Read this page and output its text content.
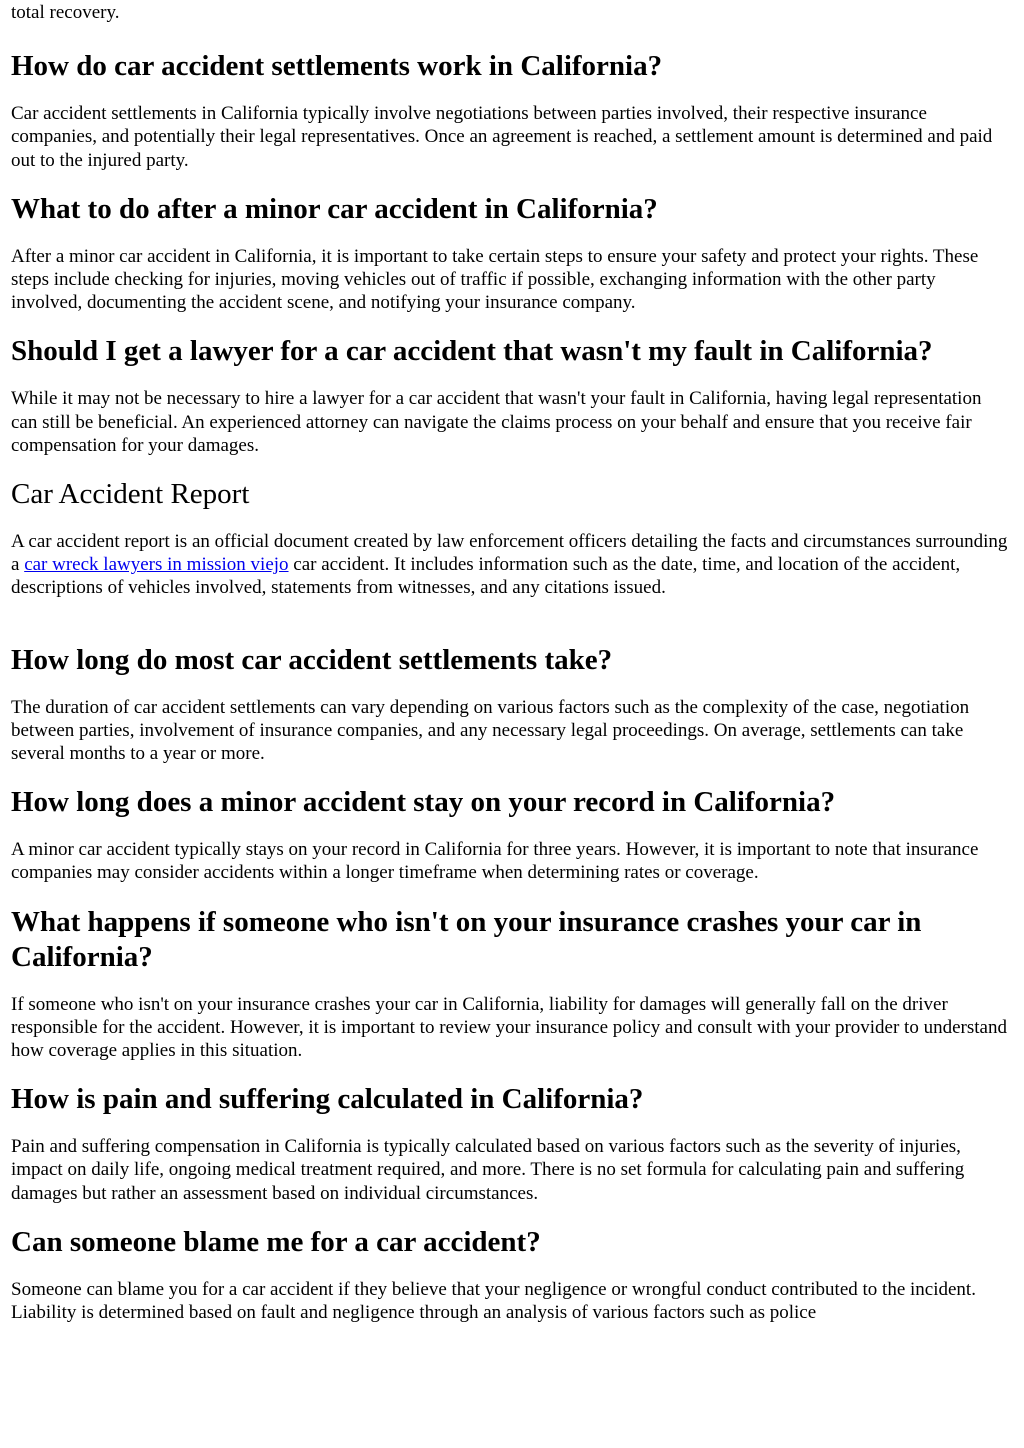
total recovery.

How do car accident settlements work in California?

Car accident settlements in California typically involve negotiations between parties involved, their respective insurance companies, and potentially their legal representatives. Once an agreement is reached, a settlement amount is determined and paid out to the injured party.

What to do after a minor car accident in California?

After a minor car accident in California, it is important to take certain steps to ensure your safety and protect your rights. These steps include checking for injuries, moving vehicles out of traffic if possible, exchanging information with the other party involved, documenting the accident scene, and notifying your insurance company.

Should I get a lawyer for a car accident that wasn't my fault in California?

While it may not be necessary to hire a lawyer for a car accident that wasn't your fault in California, having legal representation can still be beneficial. An experienced attorney can navigate the claims process on your behalf and ensure that you receive fair compensation for your damages.

Car Accident Report

A car accident report is an official document created by law enforcement officers detailing the facts and circumstances surrounding a car wreck lawyers in mission viejo car accident. It includes information such as the date, time, and location of the accident, descriptions of vehicles involved, statements from witnesses, and any citations issued.

How long do most car accident settlements take?

The duration of car accident settlements can vary depending on various factors such as the complexity of the case, negotiation between parties, involvement of insurance companies, and any necessary legal proceedings. On average, settlements can take several months to a year or more.

How long does a minor accident stay on your record in California?

A minor car accident typically stays on your record in California for three years. However, it is important to note that insurance companies may consider accidents within a longer timeframe when determining rates or coverage.

What happens if someone who isn't on your insurance crashes your car in California?

If someone who isn't on your insurance crashes your car in California, liability for damages will generally fall on the driver responsible for the accident. However, it is important to review your insurance policy and consult with your provider to understand how coverage applies in this situation.

How is pain and suffering calculated in California?

Pain and suffering compensation in California is typically calculated based on various factors such as the severity of injuries, impact on daily life, ongoing medical treatment required, and more. There is no set formula for calculating pain and suffering damages but rather an assessment based on individual circumstances.

Can someone blame me for a car accident?

Someone can blame you for a car accident if they believe that your negligence or wrongful conduct contributed to the incident. Liability is determined based on fault and negligence through an analysis of various factors such as police
